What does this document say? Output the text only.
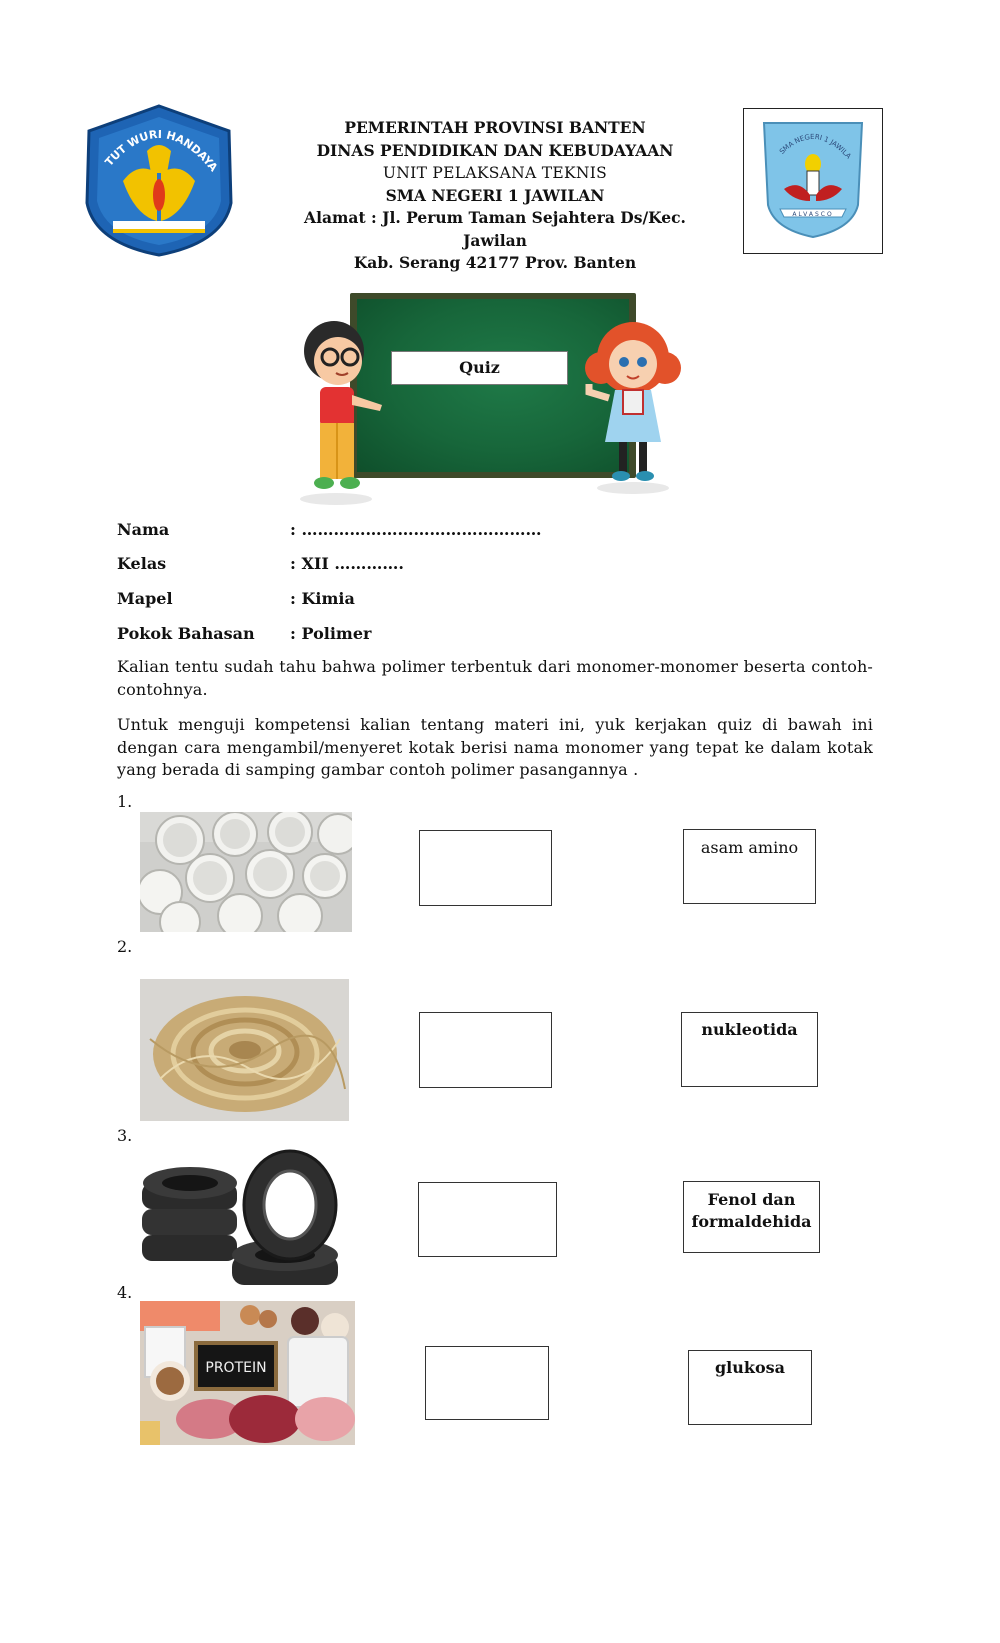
TUT WURI HANDAYA
PEMERINTAH PROVINSI BANTEN
DINAS PENDIDIKAN DAN KEBUDAYAAN
UNIT PELAKSANA TEKNIS
SMA NEGERI 1 JAWILAN
Alamat : Jl. Perum Taman Sejahtera Ds/Kec. Jawilan
Kab. Serang 42177 Prov. Banten
SMA NEGERI 1 JAWILA
ALVASCO
Quiz
Nama	: ………………………………………
Kelas	: XII ………….
Mapel	: Kimia
Pokok Bahasan : Polimer
Kalian tentu sudah tahu bahwa polimer terbentuk dari monomer-monomer beserta contoh-contohnya.
Untuk menguji kompetensi kalian tentang materi ini, yuk kerjakan quiz di bawah ini dengan cara mengambil/menyeret kotak berisi nama monomer yang tepat ke dalam kotak yang berada di samping gambar contoh polimer pasangannya .
1.
asam amino
2.
nukleotida
3.
Fenol dan formaldehida
4.
PROTEIN	glukosa
